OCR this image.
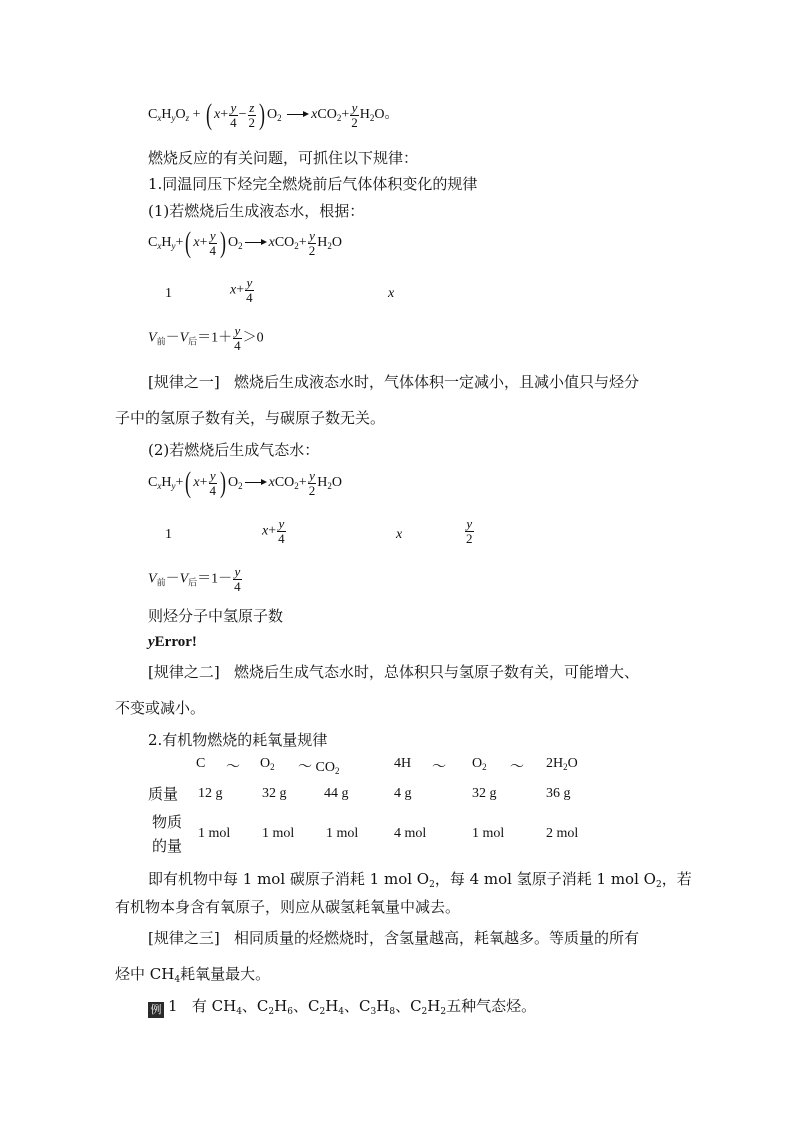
$C_xH_yO_z$ + ( $x+ \frac{y}{4} - \frac{z}{2}$ ) $O_2$ $xCO_2+ \frac{y}{2} H_2O$。
燃烧反应的有关问题，可抓住以下规律：
1.同温同压下烃完全燃烧前后气体体积变化的规律
(1)若燃烧后生成液态水，根据：
$C_xH_y+$( $x+ \frac{y}{4}$ ) $O_2$ $xCO_2+ \frac{y}{2} H_2O$
1	$x+ \frac{y}{4}$	x
$V_前-V_后=1+ \frac{y}{4} >0$
[规律之一] 燃烧后生成液态水时，气体体积一定减小，且减小值只与烃分
子中的氢原子数有关，与碳原子数无关。
(2)若燃烧后生成气态水：
$C_xH_y+$( $x+ \frac{y}{4}$ ) $O_2$ $xCO_2+ \frac{y}{2} H_2O$
1	$x+ \frac{y}{4}$	x	$\frac{y}{2}$
$V_前-V_后=1- \frac{y}{4}$
则烃分子中氢原子数
yError!
[规律之二] 燃烧后生成气态水时，总体积只与氢原子数有关，可能增大、
不变或减小。
2.有机物燃烧的耗氧量规律
C ～ $O_2$ ～ $CO_2$	4H ～ $O_2$ ～ $2H_2O$
质量 12 g	32 g	44 g	4 g	32 g	36 g
物质
的量
1 mol 1 mol 1 mol	4 mol	1 mol	2 mol
即有机物中每 1 mol 碳原子消耗 1 mol $O_2$，每 4 mol 氢原子消耗 1 mol $O_2$，若
有机物本身含有氧原子，则应从碳氢耗氧量中减去。
[规律之三] 相同质量的烃燃烧时，含氢量越高，耗氧越多。等质量的所有
烃中 $CH_4$耗氧量最大。
例 1 有 $CH_4$、$C_2H_6$、$C_2H_4$、$C_3H_8$、$C_2H_2$五种气态烃。
